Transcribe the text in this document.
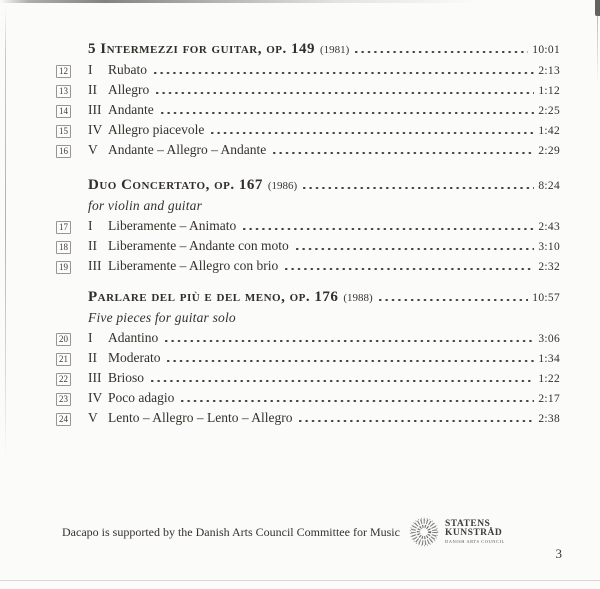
5 Intermezzi for guitar, op. 149 (1981)	10:01
12	I	Rubato	2:13
13	II Allegro	1:12
14	III Andante	2:25
15	IV Allegro piacevole	1:42
16	V Andante – Allegro – Andante	2:29
Duo Concertato, op. 167 (1986)	8:24
for violin and guitar
17	I	Liberamente – Animato	2:43
18	II Liberamente – Andante con moto	3:10
19	III Liberamente – Allegro con brio	2:32
Parlare del più e del meno, op. 176 (1988)	10:57
Five pieces for guitar solo
20	I	Adantino	3:06
21	II Moderato	1:34
22	III Brioso	1:22
23	IV Poco adagio	2:17
24	V Lento – Allegro – Lento – Allegro	2:38
Dacapo is supported by the Danish Arts Council Committee for Music
STATENS
KUNSTRÅD
DANISH ARTS COUNCIL
3
